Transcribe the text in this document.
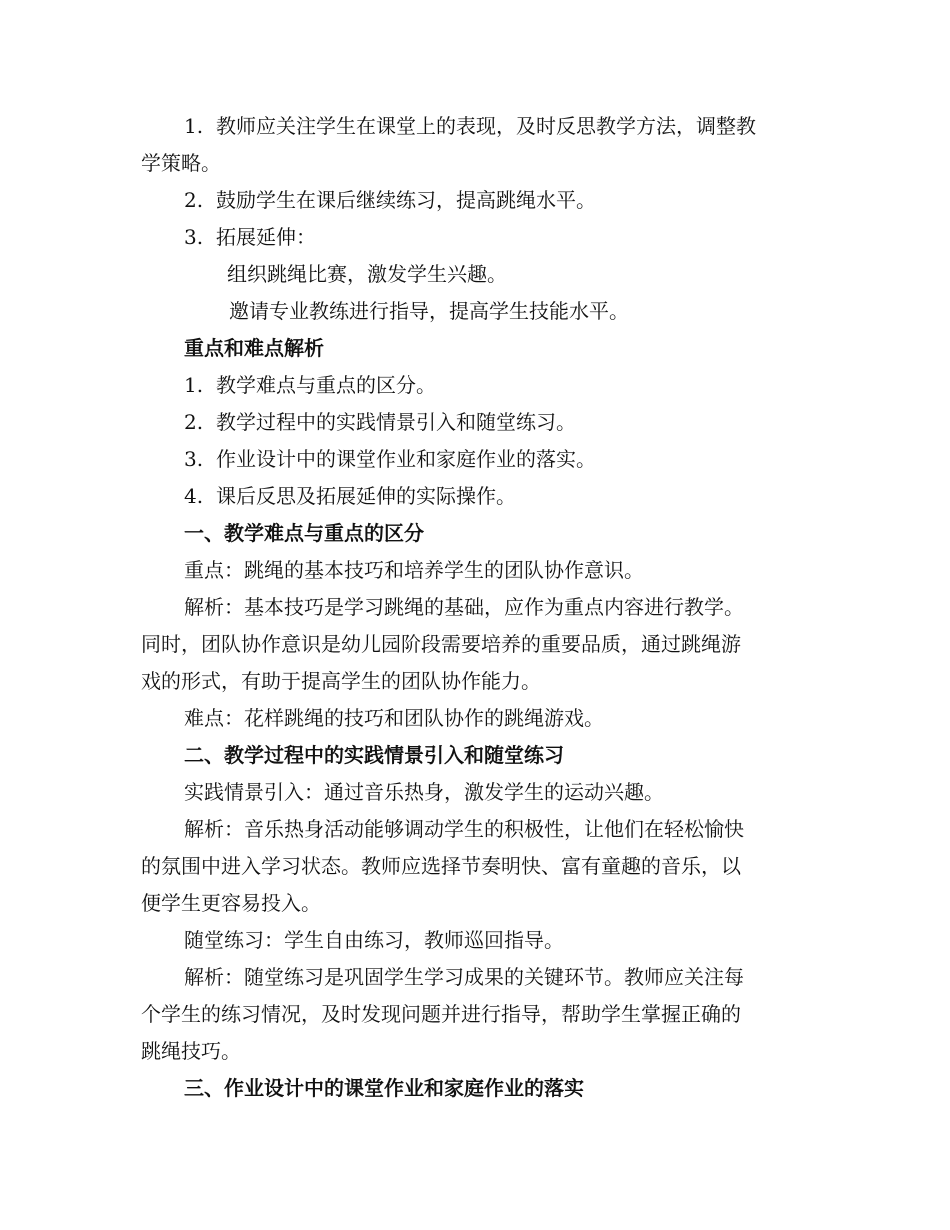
1. 教师应关注学生在课堂上的表现，及时反思教学方法，调整教
学策略。
2. 鼓励学生在课后继续练习，提高跳绳水平。
3. 拓展延伸：
组织跳绳比赛，激发学生兴趣。
邀请专业教练进行指导，提高学生技能水平。
重点和难点解析
1. 教学难点与重点的区分。
2. 教学过程中的实践情景引入和随堂练习。
3. 作业设计中的课堂作业和家庭作业的落实。
4. 课后反思及拓展延伸的实际操作。
一、教学难点与重点的区分
重点：跳绳的基本技巧和培养学生的团队协作意识。
解析：基本技巧是学习跳绳的基础，应作为重点内容进行教学。
同时，团队协作意识是幼儿园阶段需要培养的重要品质，通过跳绳游
戏的形式，有助于提高学生的团队协作能力。
难点：花样跳绳的技巧和团队协作的跳绳游戏。
二、教学过程中的实践情景引入和随堂练习
实践情景引入：通过音乐热身，激发学生的运动兴趣。
解析：音乐热身活动能够调动学生的积极性，让他们在轻松愉快
的氛围中进入学习状态。教师应选择节奏明快、富有童趣的音乐，以
便学生更容易投入。
随堂练习：学生自由练习，教师巡回指导。
解析：随堂练习是巩固学生学习成果的关键环节。教师应关注每
个学生的练习情况，及时发现问题并进行指导，帮助学生掌握正确的
跳绳技巧。
三、作业设计中的课堂作业和家庭作业的落实
